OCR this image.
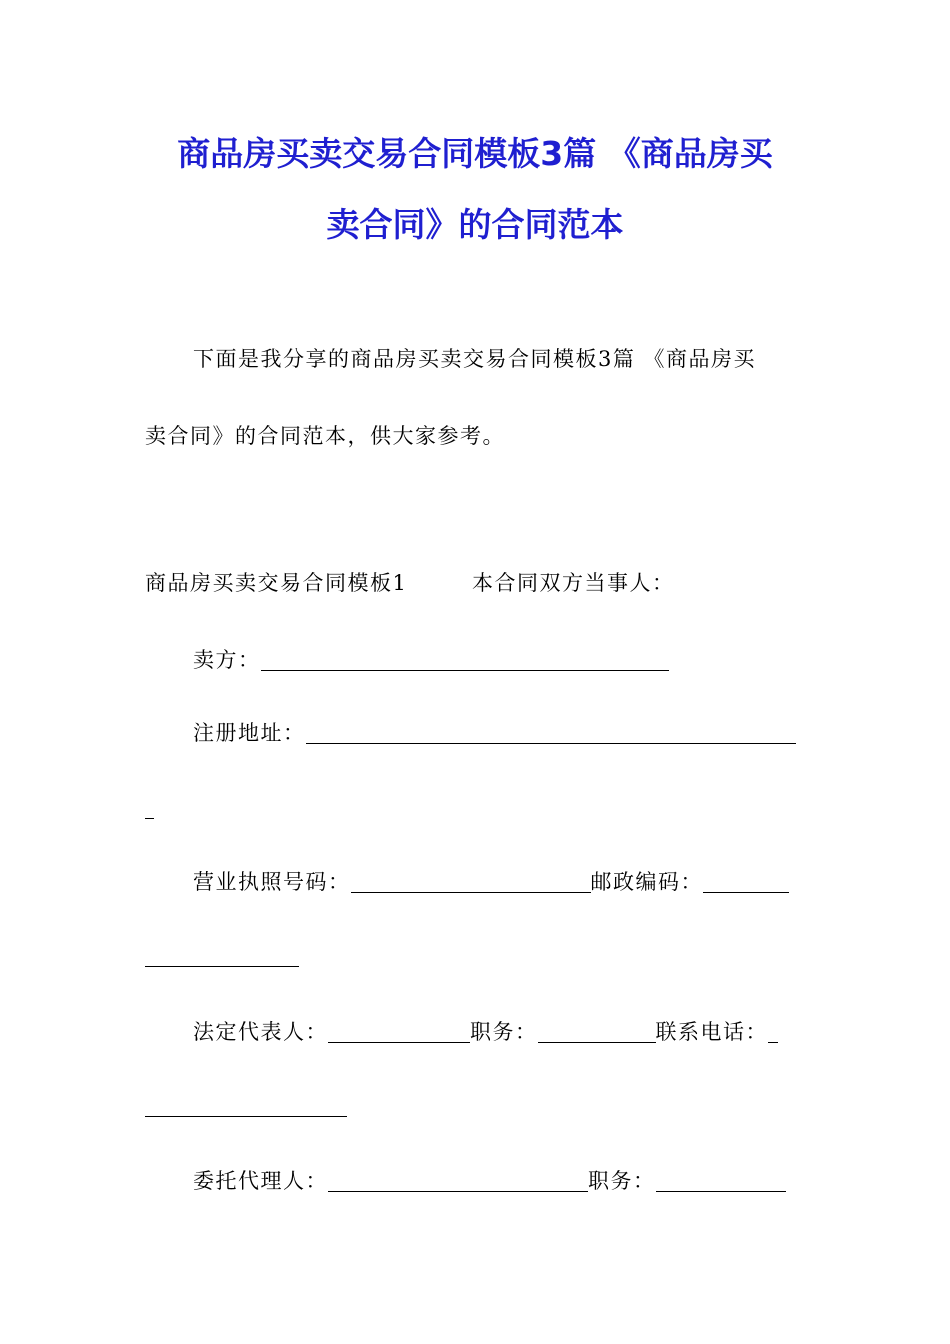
商品房买卖交易合同模板3篇 《商品房买
卖合同》的合同范本
下面是我分享的商品房买卖交易合同模板3篇 《商品房买
卖合同》的合同范本，供大家参考。
商品房买卖交易合同模板1	本合同双方当事人：
卖方：
注册地址：
营业执照号码：	邮政编码：
法定代表人：	职务：	联系电话：
委托代理人：	职务：
